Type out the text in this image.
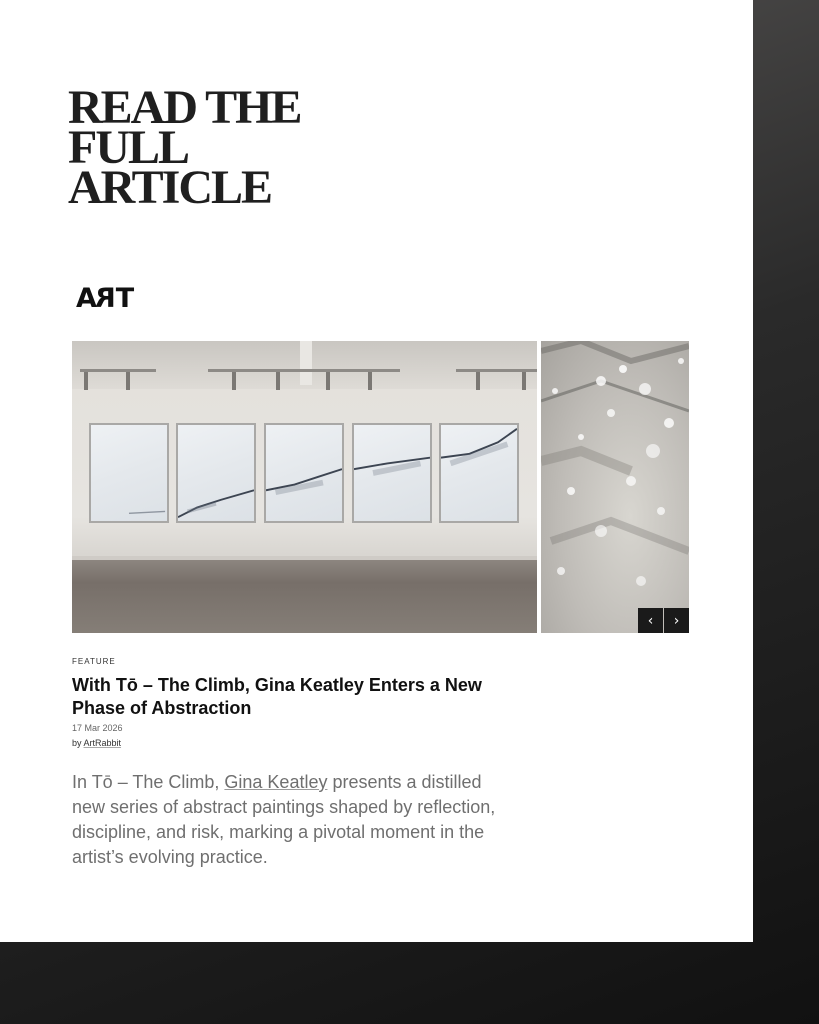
READ THE
FULL
ARTICLE
ART
‹ ›
FEATURE
With Tō – The Climb, Gina Keatley Enters a New Phase of Abstraction
17 Mar 2026
by ArtRabbit

In Tō – The Climb, Gina Keatley presents a distilled new series of abstract paintings shaped by reflection, discipline, and risk, marking a pivotal moment in the artist’s evolving practice.
